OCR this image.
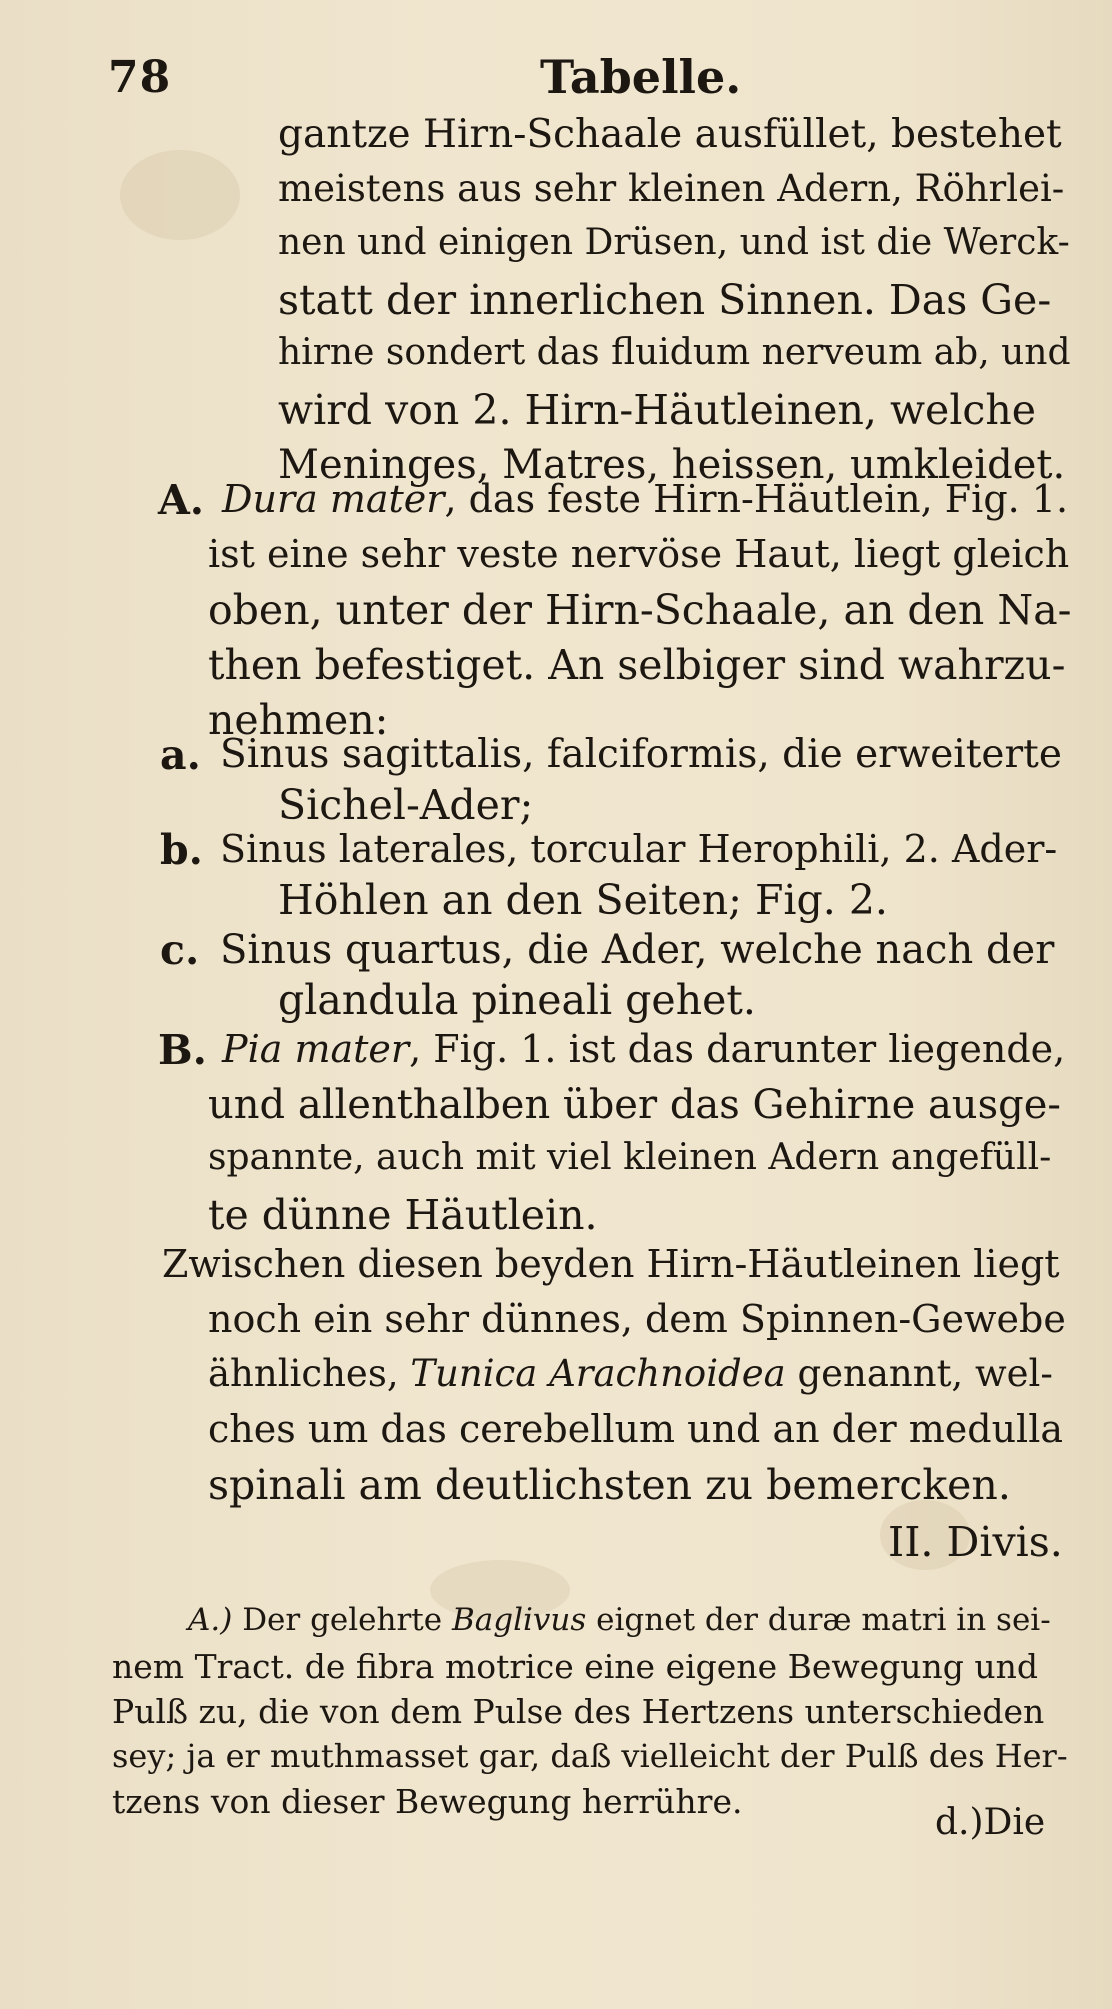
78	Tabelle.
gantze Hirn-Schaale ausfüllet, bestehet
meistens aus sehr kleinen Adern, Röhrlei-
nen und einigen Drüsen, und ist die Werck-
statt der innerlichen Sinnen. Das Ge-
hirne sondert das fluidum nerveum ab, und
wird von 2. Hirn-Häutleinen, welche
Meninges, Matres, heissen, umkleidet.
A. Dura mater, das feste Hirn-Häutlein, Fig. 1.
ist eine sehr veste nervöse Haut, liegt gleich
oben, unter der Hirn-Schaale, an den Na-
then befestiget. An selbiger sind wahrzu-
nehmen:
a. Sinus sagittalis, falciformis, die erweiterte
Sichel-Ader;
b. Sinus laterales, torcular Herophili, 2. Ader-
Höhlen an den Seiten; Fig. 2.
c. Sinus quartus, die Ader, welche nach der
glandula pineali gehet.
B. Pia mater, Fig. 1. ist das darunter liegende,
und allenthalben über das Gehirne ausge-
spannte, auch mit viel kleinen Adern angefüll-
te dünne Häutlein.
Zwischen diesen beyden Hirn-Häutleinen liegt
noch ein sehr dünnes, dem Spinnen-Gewebe
ähnliches, Tunica Arachnoidea genannt, wel-
ches um das cerebellum und an der medulla
spinali am deutlichsten zu bemercken.
II. Divis.
A.) Der gelehrte Baglivus eignet der duræ matri in sei-
nem Tract. de fibra motrice eine eigene Bewegung und
Pulß zu, die von dem Pulse des Hertzens unterschieden
sey; ja er muthmasset gar, daß vielleicht der Pulß des Her-
tzens von dieser Bewegung herrühre.
d.)Die
